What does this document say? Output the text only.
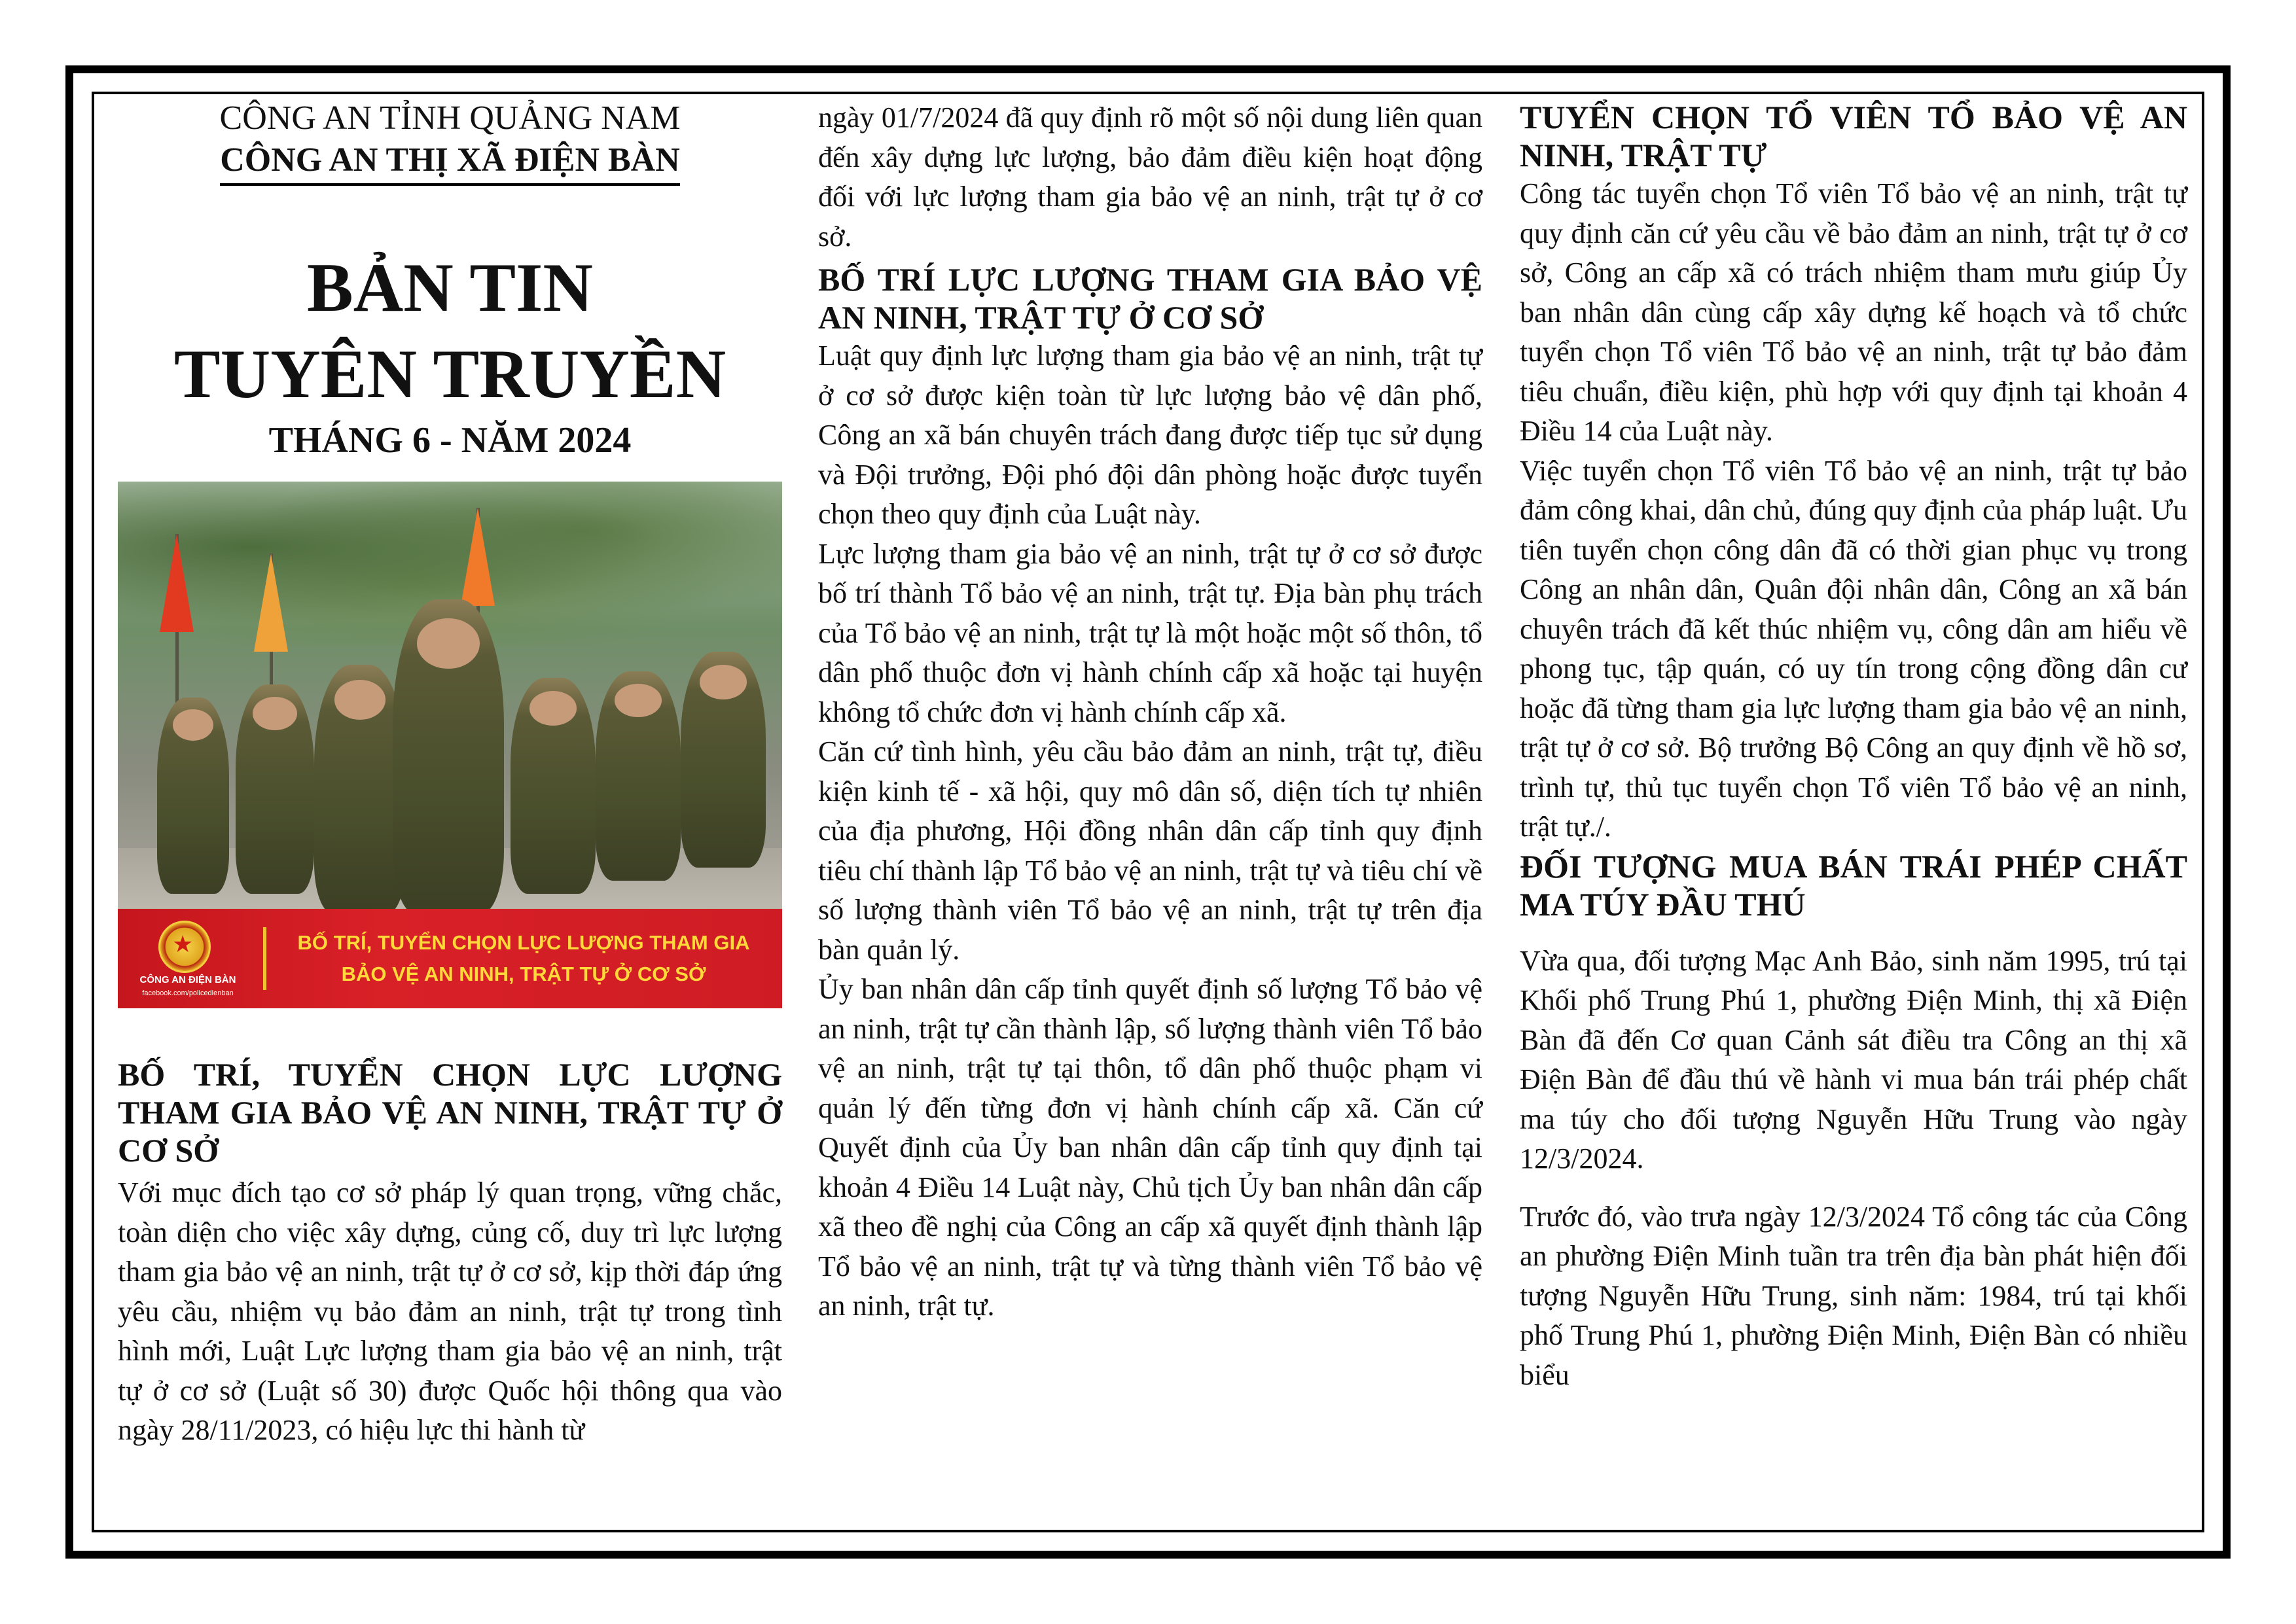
CÔNG AN TỈNH QUẢNG NAM
CÔNG AN THỊ XÃ ĐIỆN BÀN
BẢN TIN
TUYÊN TRUYỀN
THÁNG 6 - NĂM 2024
★
CÔNG AN ĐIỆN BÀN
facebook.com/policedienban
BỐ TRÍ, TUYỂN CHỌN LỰC LƯỢNG THAM GIA
BẢO VỆ AN NINH, TRẬT TỰ Ở CƠ SỞ
BỐ TRÍ, TUYỂN CHỌN LỰC LƯỢNG THAM GIA BẢO VỆ AN NINH, TRẬT TỰ Ở CƠ SỞ

Với mục đích tạo cơ sở pháp lý quan trọng, vững chắc, toàn diện cho việc xây dựng, củng cố, duy trì lực lượng tham gia bảo vệ an ninh, trật tự ở cơ sở, kịp thời đáp ứng yêu cầu, nhiệm vụ bảo đảm an ninh, trật tự trong tình hình mới, Luật Lực lượng tham gia bảo vệ an ninh, trật tự ở cơ sở (Luật số 30) được Quốc hội thông qua vào ngày 28/11/2023, có hiệu lực thi hành từ

ngày 01/7/2024 đã quy định rõ một số nội dung liên quan đến xây dựng lực lượng, bảo đảm điều kiện hoạt động đối với lực lượng tham gia bảo vệ an ninh, trật tự ở cơ sở.

BỐ TRÍ LỰC LƯỢNG THAM GIA BẢO VỆ AN NINH, TRẬT TỰ Ở CƠ SỞ

Luật quy định lực lượng tham gia bảo vệ an ninh, trật tự ở cơ sở được kiện toàn từ lực lượng bảo vệ dân phố, Công an xã bán chuyên trách đang được tiếp tục sử dụng và Đội trưởng, Đội phó đội dân phòng hoặc được tuyển chọn theo quy định của Luật này.

Lực lượng tham gia bảo vệ an ninh, trật tự ở cơ sở được bố trí thành Tổ bảo vệ an ninh, trật tự. Địa bàn phụ trách của Tổ bảo vệ an ninh, trật tự là một hoặc một số thôn, tổ dân phố thuộc đơn vị hành chính cấp xã hoặc tại huyện không tổ chức đơn vị hành chính cấp xã.

Căn cứ tình hình, yêu cầu bảo đảm an ninh, trật tự, điều kiện kinh tế - xã hội, quy mô dân số, diện tích tự nhiên của địa phương, Hội đồng nhân dân cấp tỉnh quy định tiêu chí thành lập Tổ bảo vệ an ninh, trật tự và tiêu chí về số lượng thành viên Tổ bảo vệ an ninh, trật tự trên địa bàn quản lý.

Ủy ban nhân dân cấp tỉnh quyết định số lượng Tổ bảo vệ an ninh, trật tự cần thành lập, số lượng thành viên Tổ bảo vệ an ninh, trật tự tại thôn, tổ dân phố thuộc phạm vi quản lý đến từng đơn vị hành chính cấp xã. Căn cứ Quyết định của Ủy ban nhân dân cấp tỉnh quy định tại khoản 4 Điều 14 Luật này, Chủ tịch Ủy ban nhân dân cấp xã theo đề nghị của Công an cấp xã quyết định thành lập Tổ bảo vệ an ninh, trật tự và từng thành viên Tổ bảo vệ an ninh, trật tự.

TUYỂN CHỌN TỔ VIÊN TỔ BẢO VỆ AN NINH, TRẬT TỰ

Công tác tuyển chọn Tổ viên Tổ bảo vệ an ninh, trật tự quy định căn cứ yêu cầu về bảo đảm an ninh, trật tự ở cơ sở, Công an cấp xã có trách nhiệm tham mưu giúp Ủy ban nhân dân cùng cấp xây dựng kế hoạch và tổ chức tuyển chọn Tổ viên Tổ bảo vệ an ninh, trật tự bảo đảm tiêu chuẩn, điều kiện, phù hợp với quy định tại khoản 4 Điều 14 của Luật này.

Việc tuyển chọn Tổ viên Tổ bảo vệ an ninh, trật tự bảo đảm công khai, dân chủ, đúng quy định của pháp luật. Ưu tiên tuyển chọn công dân đã có thời gian phục vụ trong Công an nhân dân, Quân đội nhân dân, Công an xã bán chuyên trách đã kết thúc nhiệm vụ, công dân am hiểu về phong tục, tập quán, có uy tín trong cộng đồng dân cư hoặc đã từng tham gia lực lượng tham gia bảo vệ an ninh, trật tự ở cơ sở. Bộ trưởng Bộ Công an quy định về hồ sơ, trình tự, thủ tục tuyển chọn Tổ viên Tổ bảo vệ an ninh, trật tự./.

ĐỐI TƯỢNG MUA BÁN TRÁI PHÉP CHẤT MA TÚY ĐẦU THÚ

Vừa qua, đối tượng Mạc Anh Bảo, sinh năm 1995, trú tại Khối phố Trung Phú 1, phường Điện Minh, thị xã Điện Bàn đã đến Cơ quan Cảnh sát điều tra Công an thị xã Điện Bàn để đầu thú về hành vi mua bán trái phép chất ma túy cho đối tượng Nguyễn Hữu Trung vào ngày 12/3/2024.

Trước đó, vào trưa ngày 12/3/2024 Tổ công tác của Công an phường Điện Minh tuần tra trên địa bàn phát hiện đối tượng Nguyễn Hữu Trung, sinh năm: 1984, trú tại khối phố Trung Phú 1, phường Điện Minh, Điện Bàn có nhiều biểu
